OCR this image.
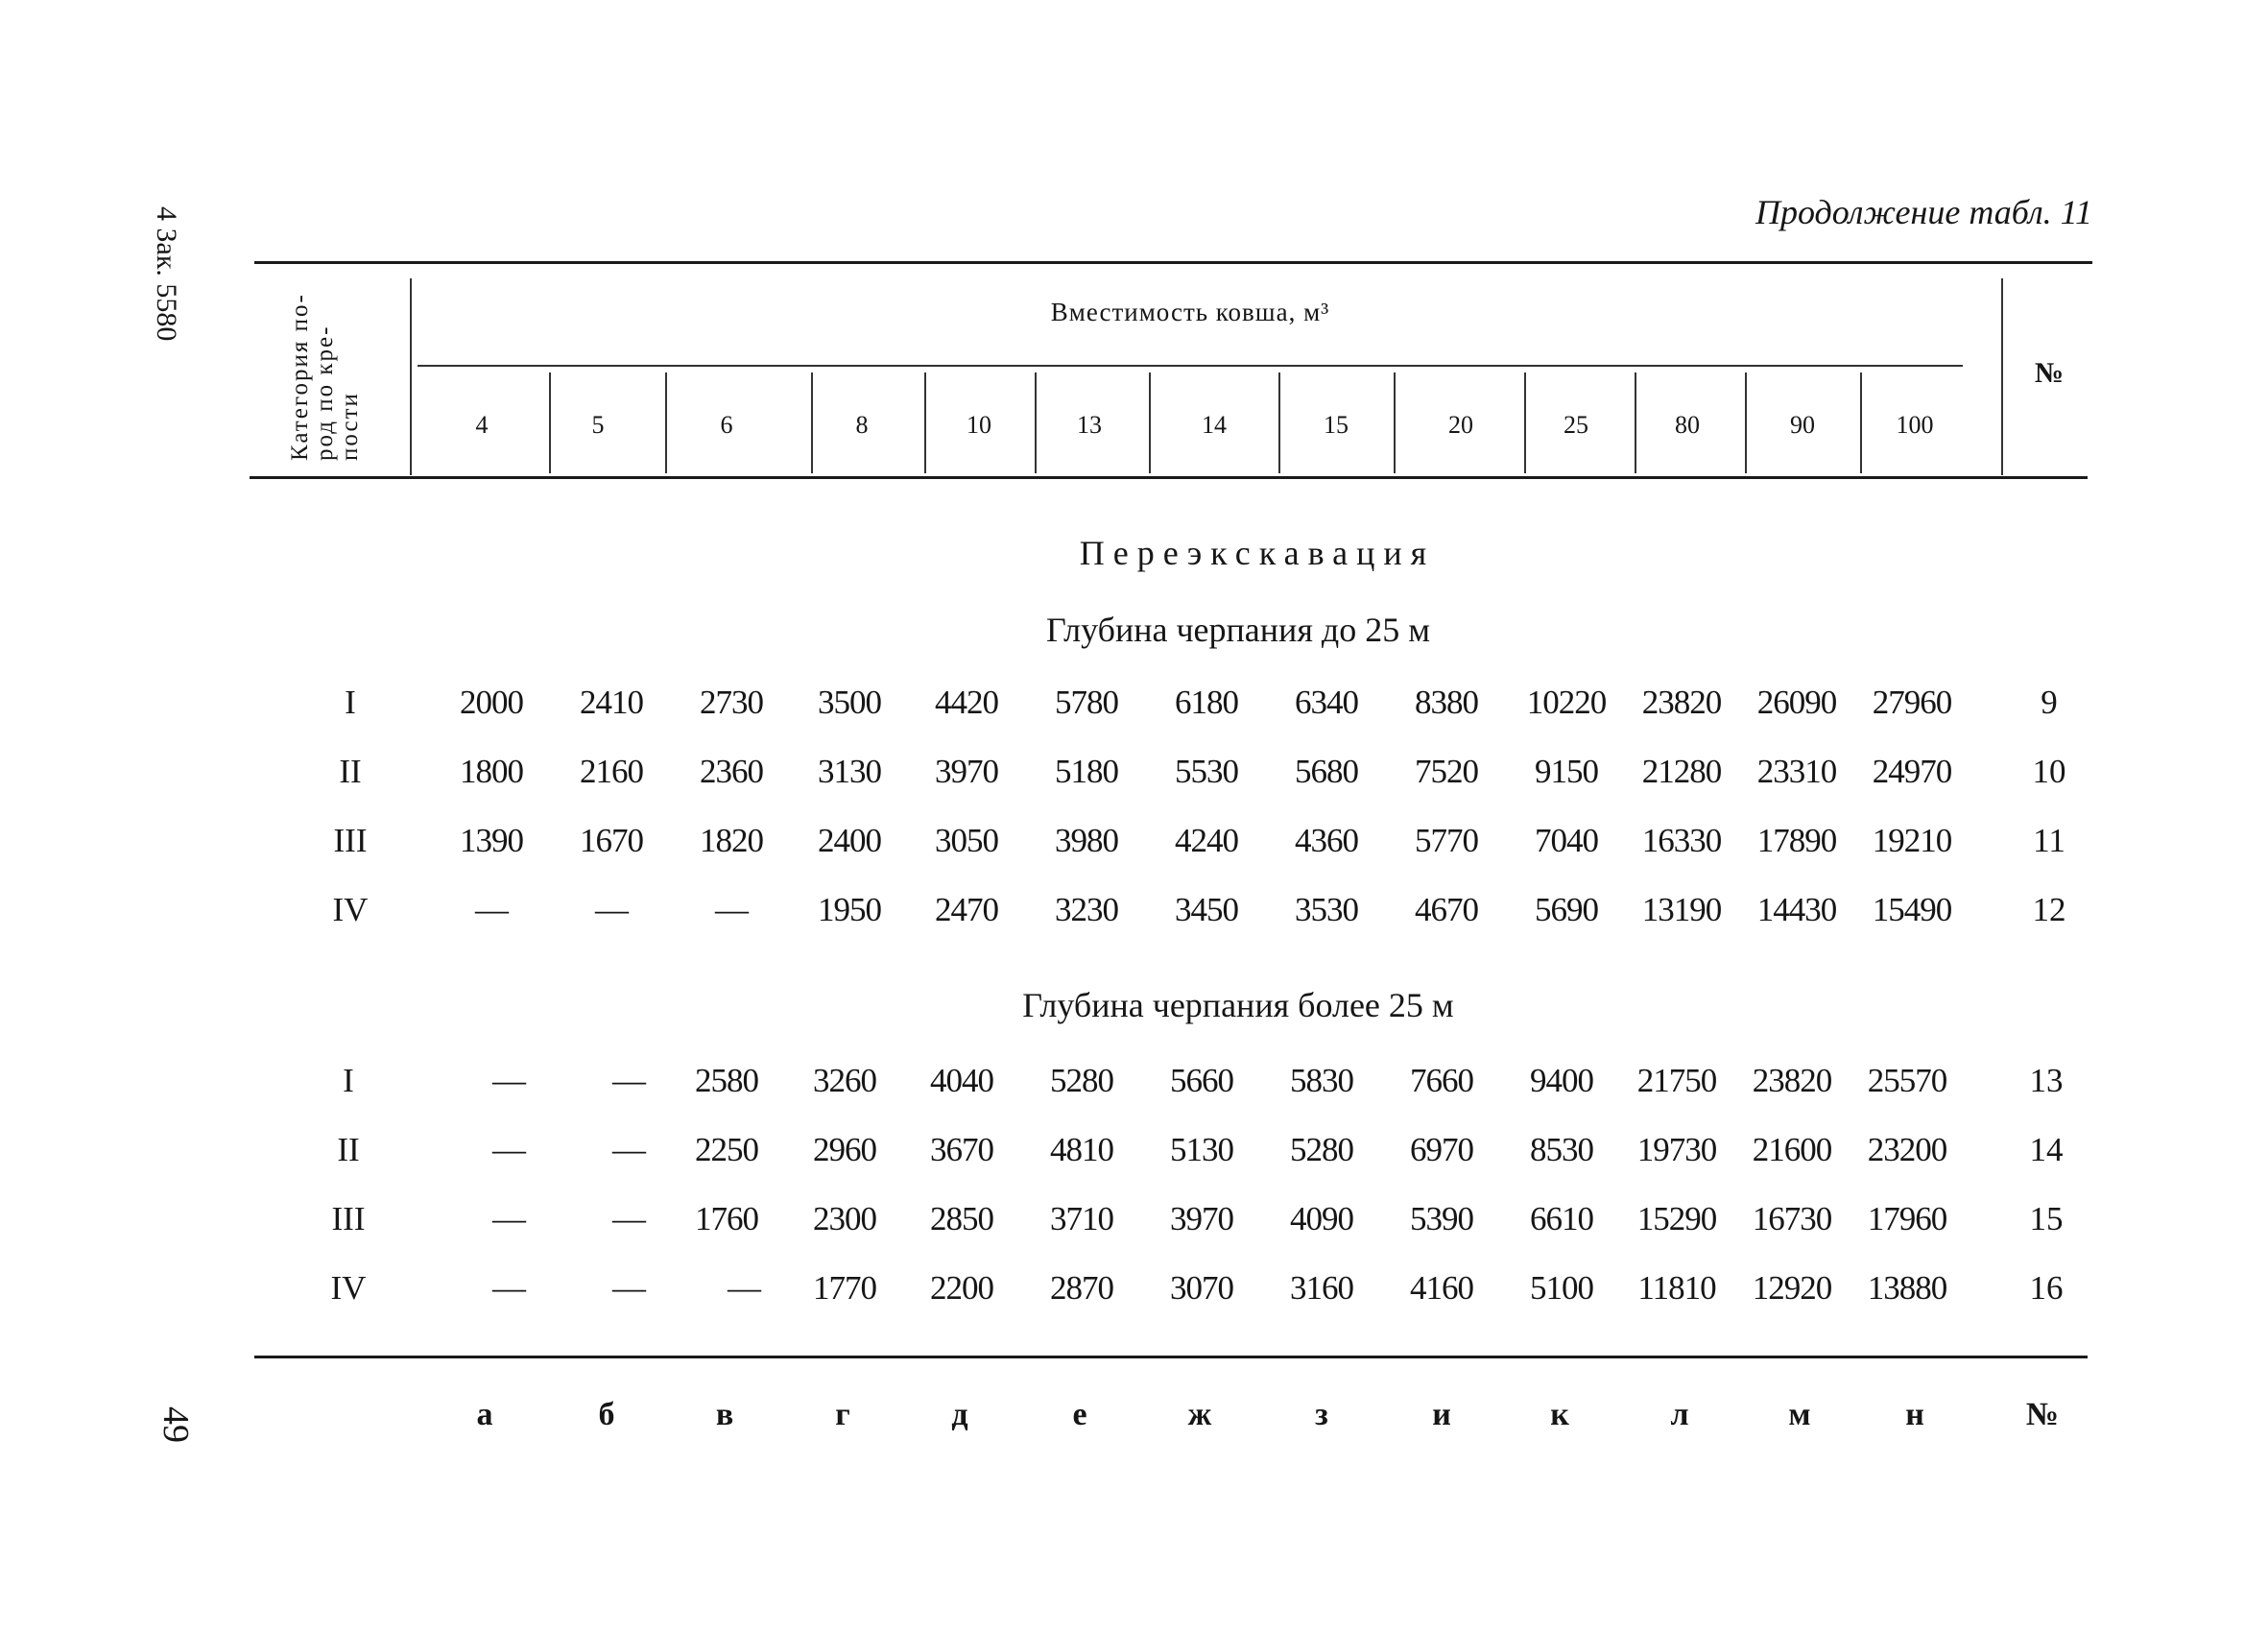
4 Зак. 5580
49
Продолжение табл. 11
Категория по- род по кре- пости
Вместимость ковша, м³
№
4	5	6	8	10	13	14	15	20	25	80	90	100
Переэкскавация
Глубина черпания до 25 м
I	2000	2410	2730	3500	4420	5780	6180	6340	8380	10220	23820	26090	27960	9
II	1800	2160	2360	3130	3970	5180	5530	5680	7520	9150	21280	23310	24970	10
III	1390	1670	1820	2400	3050	3980	4240	4360	5770	7040	16330	17890	19210	11
IV	—	—	—	1950	2470	3230	3450	3530	4670	5690	13190	14430	15490	12
Глубина черпания более 25 м
I	—	—	2580	3260	4040	5280	5660	5830	7660	9400	21750	23820	25570	13
II	—	—	2250	2960	3670	4810	5130	5280	6970	8530	19730	21600	23200	14
III	—	—	1760	2300	2850	3710	3970	4090	5390	6610	15290	16730	17960	15
IV	—	—	—	1770	2200	2870	3070	3160	4160	5100	11810	12920	13880	16
а	б	в	г	д	е	ж	з	и	к	л	м	н	№
